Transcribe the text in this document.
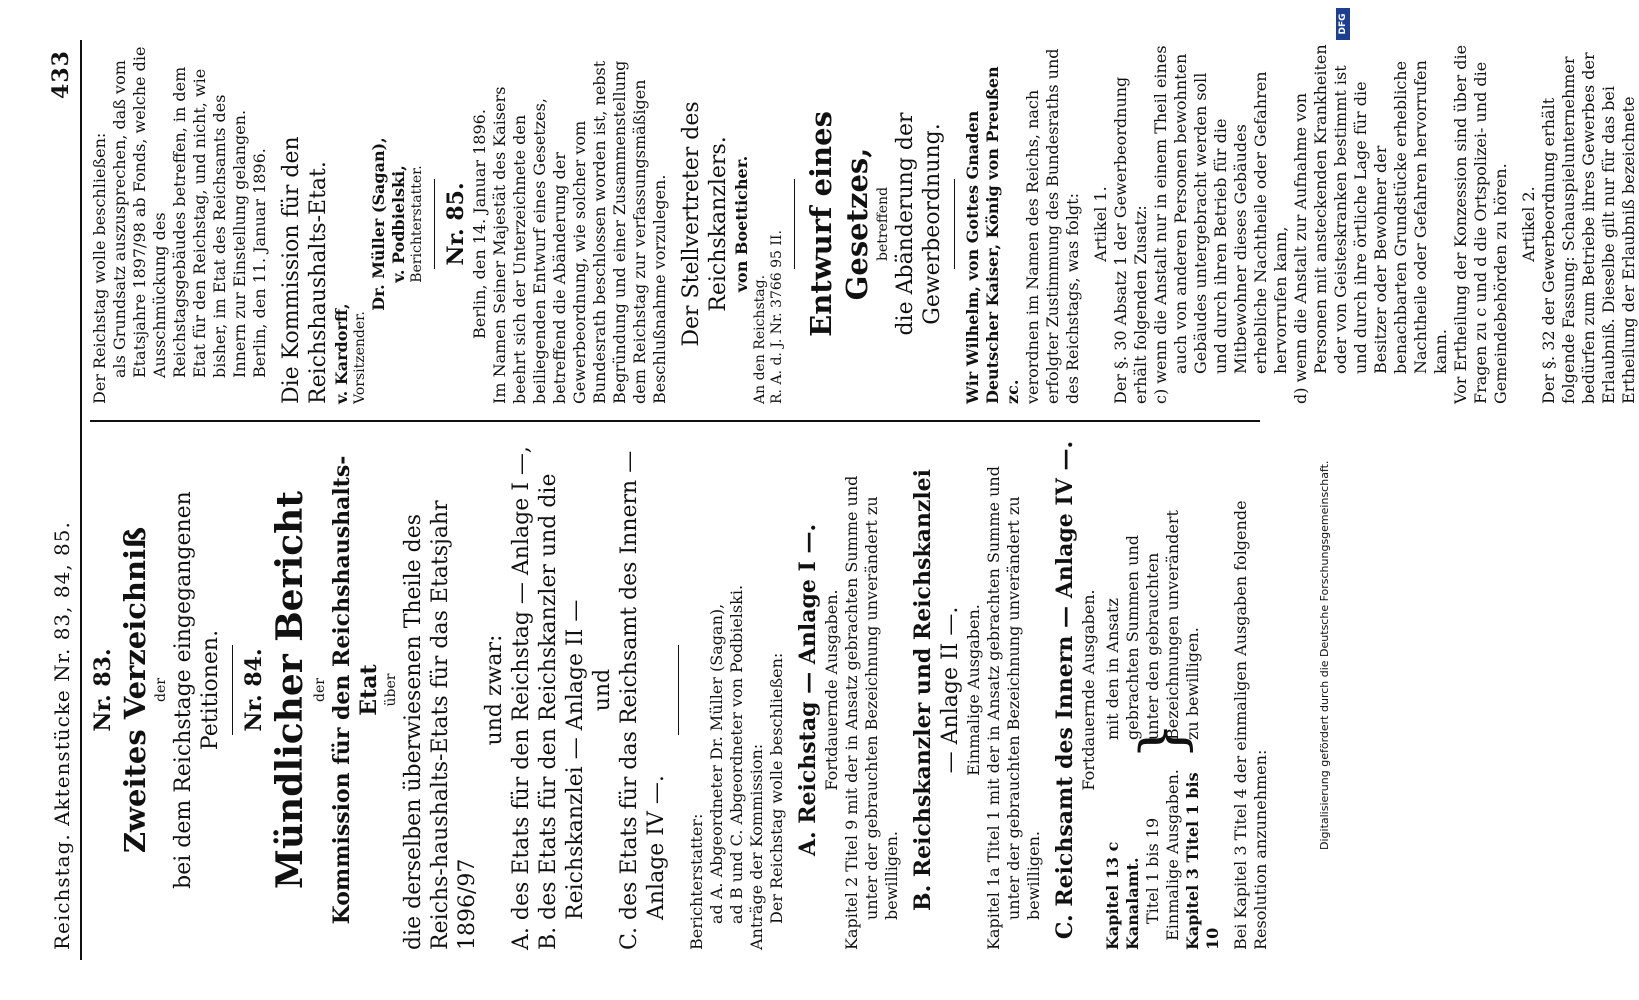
Reichstag. Aktenstücke Nr. 83, 84, 85.
433

Nr. 83. Zweites Verzeichniß der bei dem Reichstage eingegangenen Petitionen. Nr. 84. Mündlicher Bericht der Kommission für den Reichshaushalts-Etat über die derselben überwiesenen Theile des Reichs-haushalts-Etats für das Etatsjahr 1896/97

und zwar: A. des Etats für den Reichstag — Anlage I —, B. des Etats für den Reichskanzler und die Reichskanzlei — Anlage II — und C. des Etats für das Reichsamt des Innern — Anlage IV —. Berichterstatter: ad A. Abgeordneter Dr. Müller (Sagan), ad B und C. Abgeordneter von Podbielski. Anträge der Kommission: Der Reichstag wolle beschließen: A. Reichstag — Anlage I —. Fortdauernde Ausgaben. Kapitel 2 Titel 9 mit der in Ansatz gebrachten Summe und unter der gebrauchten Bezeichnung unverändert zu bewilligen. B. Reichskanzler und Reichskanzlei — Anlage II —. Einmalige Ausgaben. Kapitel 1a Titel 1 mit der in Ansatz gebrachten Summe und unter der gebrauchten Bezeichnung unverändert zu bewilligen. C. Reichsamt des Innern — Anlage IV —. Fortdauernde Ausgaben.

Kapitel 13 c Kanalamt. Titel 1 bis 19 Einmalige Ausgaben. Kapitel 3 Titel 1 bis 10

}

mit den in Ansatz gebrachten Summen und unter den gebrauchten Bezeichnungen unverändert zu bewilligen.	Bei Kapitel 3 Titel 4 der einmaligen Ausgaben folgende Resolution anzunehmen:

Der Reichstag wolle beschließen: als Grundsatz auszusprechen, daß vom Etatsjahre 1897/98 ab Fonds, welche die Ausschmückung des Reichstagsgebäudes betreffen, in dem Etat für den Reichstag, und nicht, wie bisher, im Etat des Reichsamts des Innern zur Einstellung gelangen. Berlin, den 11. Januar 1896. Die Kommission für den Reichshaushalts-Etat. v. Kardorff, Vorsitzender.

Dr. Müller (Sagan), v. Podbielski, Berichterstatter. Nr. 85. Berlin, den 14. Januar 1896. Im Namen Seiner Majestät des Kaisers beehrt sich der Unterzeichnete den beiliegenden Entwurf eines Gesetzes, betreffend die Abänderung der Gewerbeordnung, wie solcher vom Bundesrath beschlossen worden ist, nebst Begründung und einer Zusammenstellung dem Reichstag zur verfassungsmäßigen Beschlußnahme vorzulegen. Der Stellvertreter des Reichskanzlers. von Boetticher.

An den Reichstag. R. A. d. J. Nr. 3766 95 II. Entwurf eines Gesetzes, betreffend die Abänderung der Gewerbeordnung. Wir Wilhelm, von Gottes Gnaden Deutscher Kaiser, König von Preußen zc. verordnen im Namen des Reichs, nach erfolgter Zustimmung des Bundesraths und des Reichstags, was folgt: Artikel 1. Der §. 30 Absatz 1 der Gewerbeordnung erhält folgenden Zusatz: c) wenn die Anstalt nur in einem Theil eines auch von anderen Personen bewohnten Gebäudes untergebracht werden soll und durch ihren Betrieb für die Mitbewohner dieses Gebäudes erhebliche Nachtheile oder Gefahren hervorrufen kann, d) wenn die Anstalt zur Aufnahme von Personen mit ansteckenden Krankheiten oder von Geisteskranken bestimmt ist und durch ihre örtliche Lage für die Besitzer oder Bewohner der benachbarten Grundstücke erhebliche Nachtheile oder Gefahren hervorrufen kann. Vor Ertheilung der Konzession sind über die Fragen zu c und d die Ortspolizei- und die Gemeindebehörden zu hören. Artikel 2. Der §. 32 der Gewerbeordnung erhält folgende Fassung: Schauspielunternehmer bedürfen zum Betriebe ihres Gewerbes der Erlaubniß. Dieselbe gilt nur für das bei Ertheilung der Erlaubniß bezeichnete

Digitalisierung gefördert durch die Deutsche Forschungsgemeinschaft.
DFG
